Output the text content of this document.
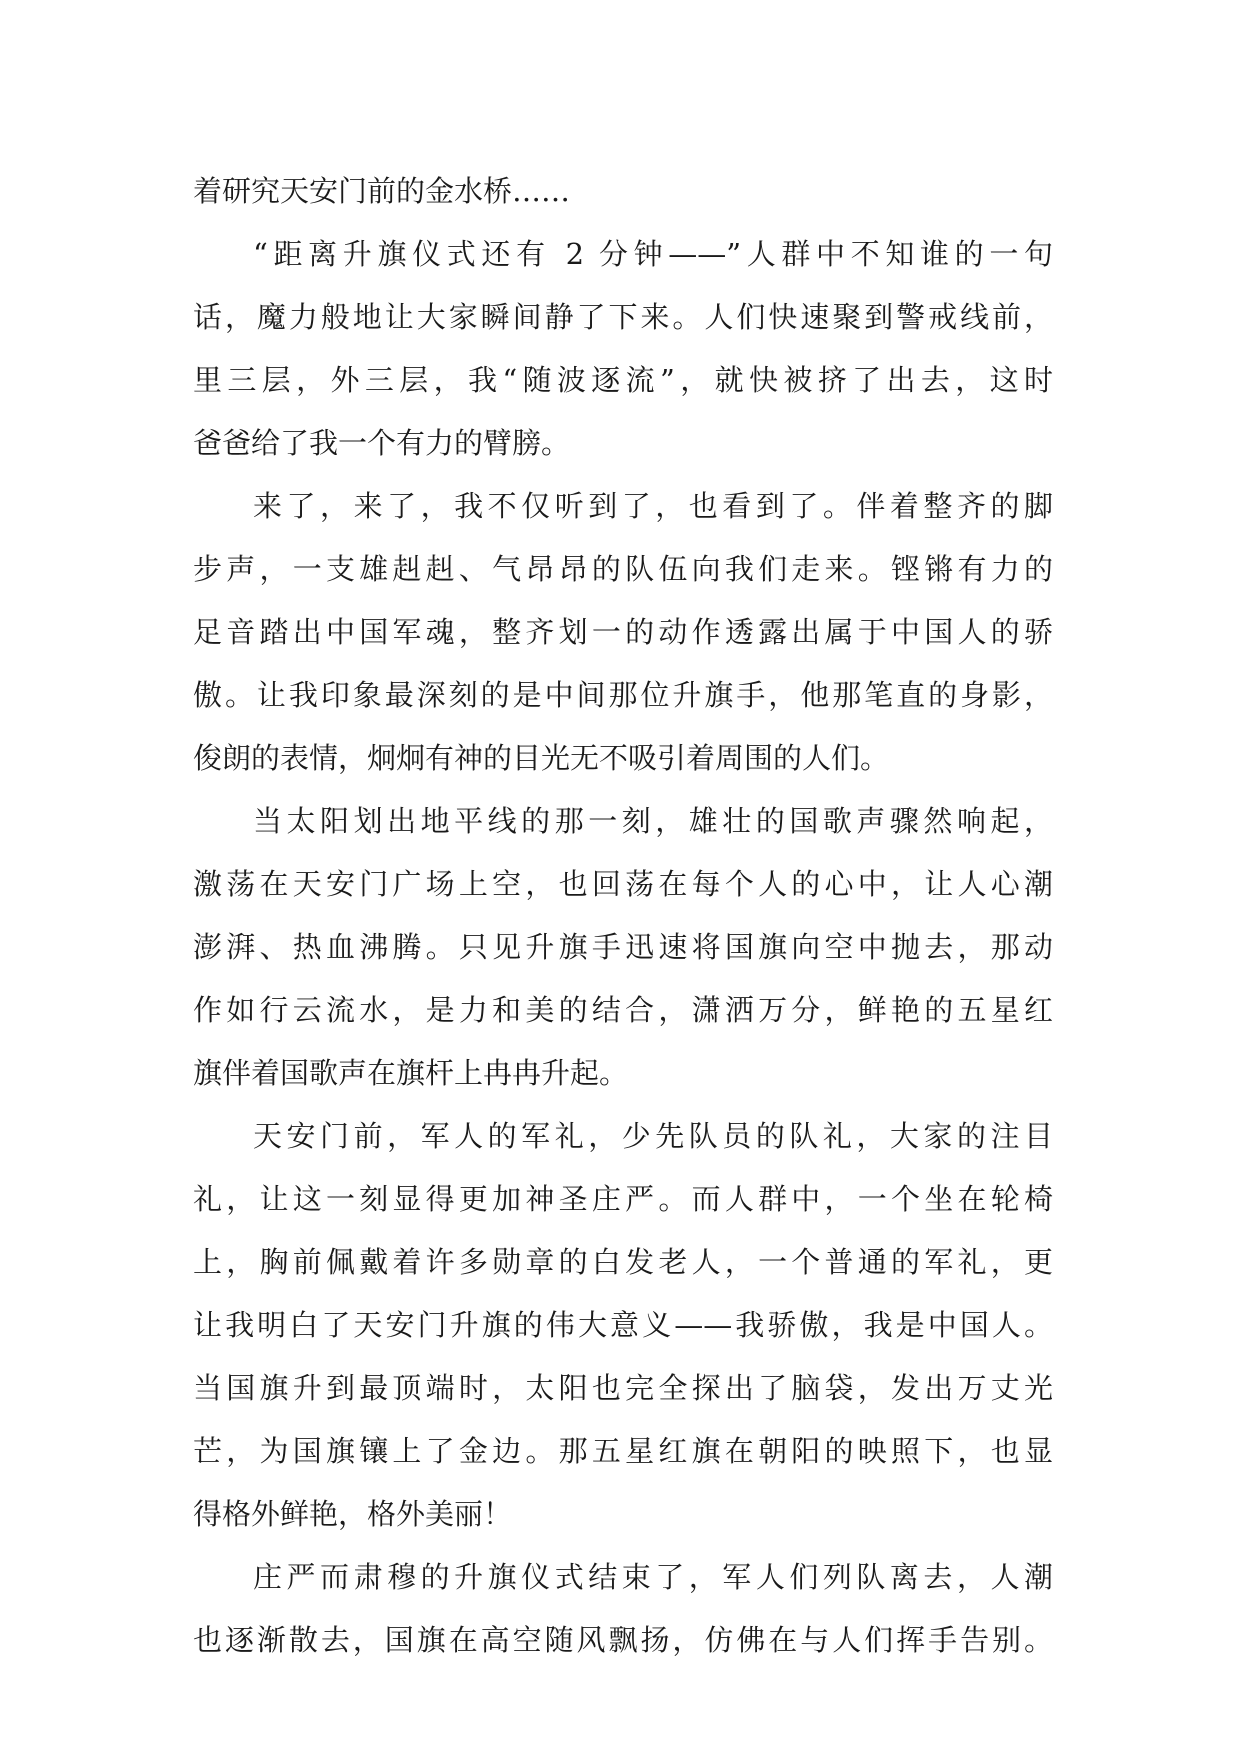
着研究天安门前的金水桥……
“距离升旗仪式还有 2 分钟——”人群中不知谁的一句
话，魔力般地让大家瞬间静了下来。人们快速聚到警戒线前，
里三层，外三层，我“随波逐流”，就快被挤了出去，这时
爸爸给了我一个有力的臂膀。
来了，来了，我不仅听到了，也看到了。伴着整齐的脚
步声，一支雄赳赳、气昂昂的队伍向我们走来。铿锵有力的
足音踏出中国军魂，整齐划一的动作透露出属于中国人的骄
傲。让我印象最深刻的是中间那位升旗手，他那笔直的身影，
俊朗的表情，炯炯有神的目光无不吸引着周围的人们。
当太阳划出地平线的那一刻，雄壮的国歌声骤然响起，
激荡在天安门广场上空，也回荡在每个人的心中，让人心潮
澎湃、热血沸腾。只见升旗手迅速将国旗向空中抛去，那动
作如行云流水，是力和美的结合，潇洒万分，鲜艳的五星红
旗伴着国歌声在旗杆上冉冉升起。
天安门前，军人的军礼，少先队员的队礼，大家的注目
礼，让这一刻显得更加神圣庄严。而人群中，一个坐在轮椅
上，胸前佩戴着许多勋章的白发老人，一个普通的军礼，更
让我明白了天安门升旗的伟大意义——我骄傲，我是中国人。
当国旗升到最顶端时，太阳也完全探出了脑袋，发出万丈光
芒，为国旗镶上了金边。那五星红旗在朝阳的映照下，也显
得格外鲜艳，格外美丽！
庄严而肃穆的升旗仪式结束了，军人们列队离去，人潮
也逐渐散去，国旗在高空随风飘扬，仿佛在与人们挥手告别。
